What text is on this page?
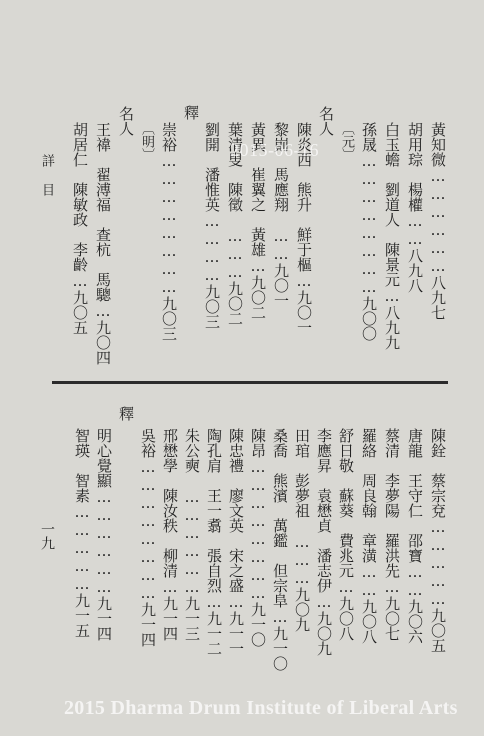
詳目
一九
黃知微………………八九七
胡用琮　楊權……八九八
白玉蟾　劉道人　陳景元…八九九
孫晟……………………九〇〇
〔元〕
陳炎西　熊升　鮮于樞…九〇一
黎崱　馬應翔　……九〇一
黃異　崔翼之　黃雄…九〇二
葉清叟　陳徵　………九〇二
劉開　潘惟英…………九〇三
釋
崇裕……………………九〇三
〔明〕
名人
王禕　翟溥福　查杭　馬驄…九〇四
胡居仁　陳敏政　李齡…九〇五
名人
陳銓　蔡宗兗……………九〇五
唐龍　王守仁　邵寶……九〇六
蔡清　李夢陽　羅洪先…九〇七
羅絡　周良翰　章潢……九〇八
舒日敬　蘇葵　費兆元…九〇八
李應昇　袁懋貞　潘志伊…九〇九
田琯　彭夢祖　………九〇九
桑喬　熊濱　萬鑑　但宗阜…九一〇
陳昂……………………九一〇
陳忠禮　廖文英　宋之盛…九一一
陶孔肩　王一翥　張自烈…九一二
朱公奭　………………九一三
邢懋學　陳汝秩　柳清…九一四
吳裕……………………九一四
釋
明心覺顯………………九一四
智瑛　智素……………九一五
2015-06-16
2015 Dharma Drum Institute of Liberal Arts
